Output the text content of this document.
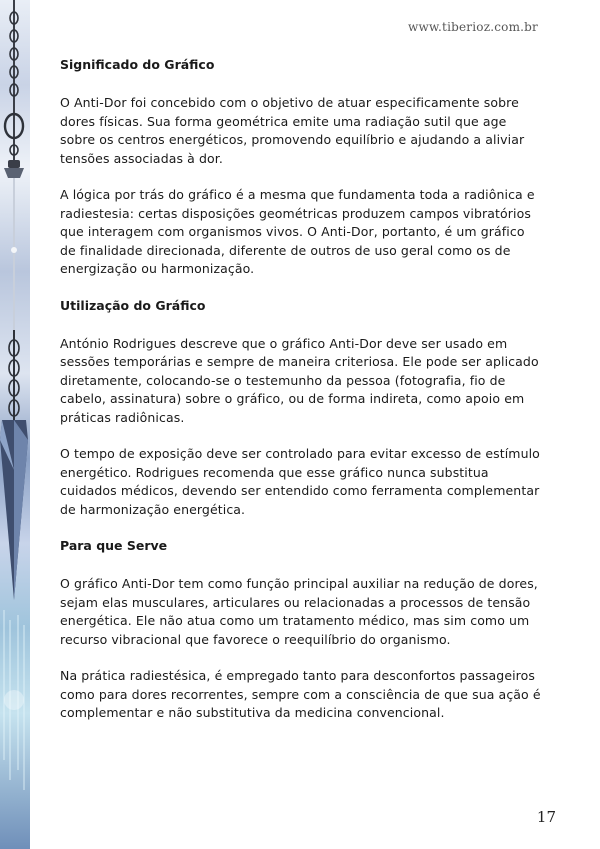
www.tiberioz.com.br
Significado do Gráfico

O Anti-Dor foi concebido com o objetivo de atuar especificamente sobre dores físicas. Sua forma geométrica emite uma radiação sutil que age sobre os centros energéticos, promovendo equilíbrio e ajudando a aliviar tensões associadas à dor.

A lógica por trás do gráfico é a mesma que fundamenta toda a radiônica e radiestesia: certas disposições geométricas produzem campos vibratórios que interagem com organismos vivos. O Anti-Dor, portanto, é um gráfico de finalidade direcionada, diferente de outros de uso geral como os de energização ou harmonização.

Utilização do Gráfico

António Rodrigues descreve que o gráfico Anti-Dor deve ser usado em sessões temporárias e sempre de maneira criteriosa. Ele pode ser aplicado diretamente, colocando-se o testemunho da pessoa (fotografia, fio de cabelo, assinatura) sobre o gráfico, ou de forma indireta, como apoio em práticas radiônicas.

O tempo de exposição deve ser controlado para evitar excesso de estímulo energético. Rodrigues recomenda que esse gráfico nunca substitua cuidados médicos, devendo ser entendido como ferramenta complementar de harmonização energética.

Para que Serve

O gráfico Anti-Dor tem como função principal auxiliar na redução de dores, sejam elas musculares, articulares ou relacionadas a processos de tensão energética. Ele não atua como um tratamento médico, mas sim como um recurso vibracional que favorece o reequilíbrio do organismo.

Na prática radiestésica, é empregado tanto para desconfortos passageiros como para dores recorrentes, sempre com a consciência de que sua ação é complementar e não substitutiva da medicina convencional.

17
